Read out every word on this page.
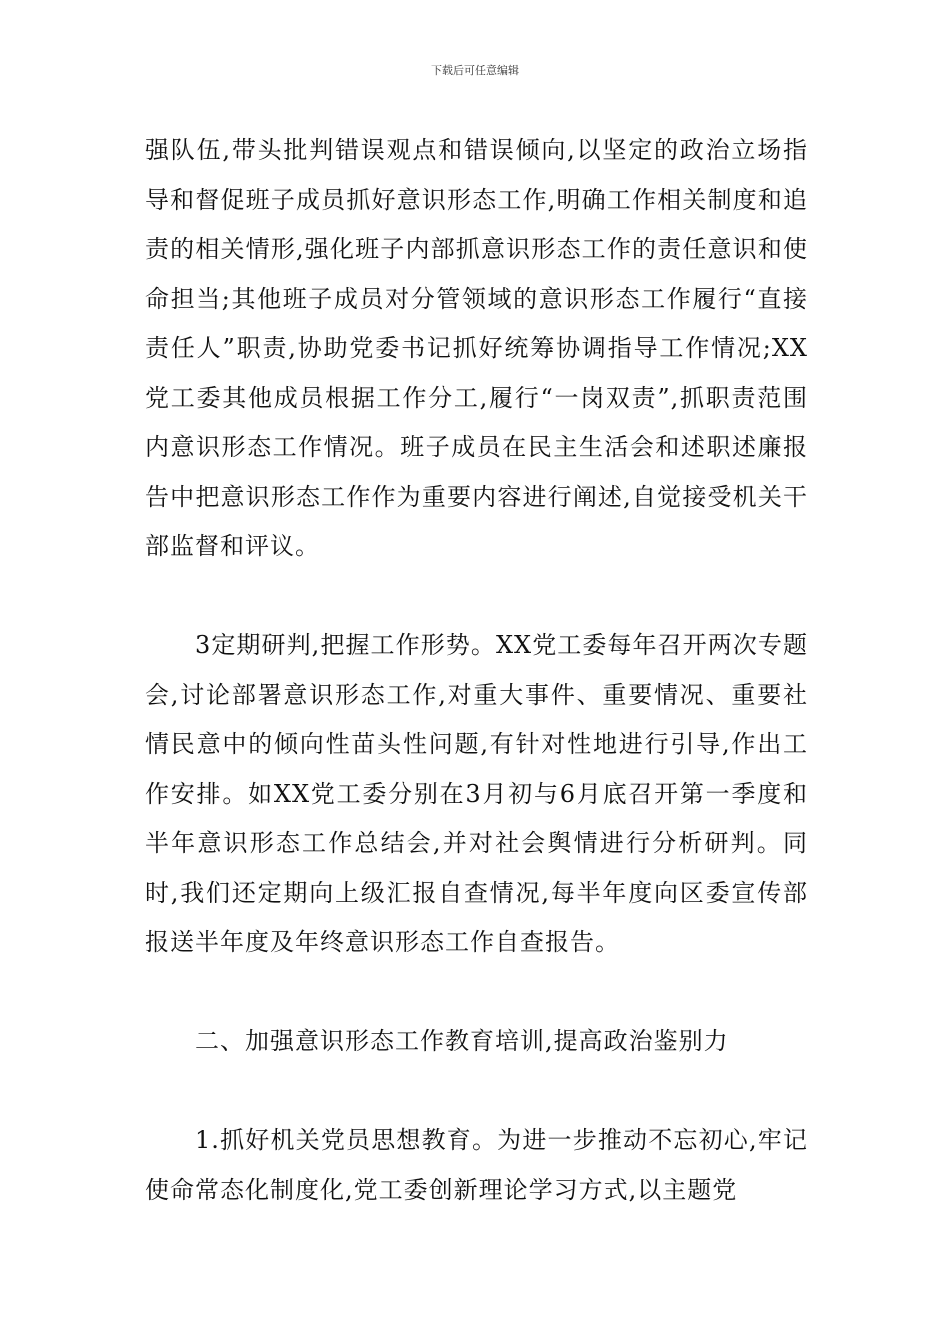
下载后可任意编辑

强队伍,带头批判错误观点和错误倾向,以坚定的政治立场指导和督促班子成员抓好意识形态工作,明确工作相关制度和追责的相关情形,强化班子内部抓意识形态工作的责任意识和使命担当;其他班子成员对分管领域的意识形态工作履行“直接责任人”职责,协助党委书记抓好统筹协调指导工作情况;XX党工委其他成员根据工作分工,履行“一岗双责”,抓职责范围内意识形态工作情况。班子成员在民主生活会和述职述廉报告中把意识形态工作作为重要内容进行阐述,自觉接受机关干部监督和评议。

3定期研判,把握工作形势。XX党工委每年召开两次专题会,讨论部署意识形态工作,对重大事件、重要情况、重要社情民意中的倾向性苗头性问题,有针对性地进行引导,作出工作安排。如XX党工委分别在3月初与6月底召开第一季度和半年意识形态工作总结会,并对社会舆情进行分析研判。同时,我们还定期向上级汇报自查情况,每半年度向区委宣传部报送半年度及年终意识形态工作自查报告。

二、加强意识形态工作教育培训,提高政治鉴别力

1.抓好机关党员思想教育。为进一步推动不忘初心,牢记使命常态化制度化,党工委创新理论学习方式,以主题党
